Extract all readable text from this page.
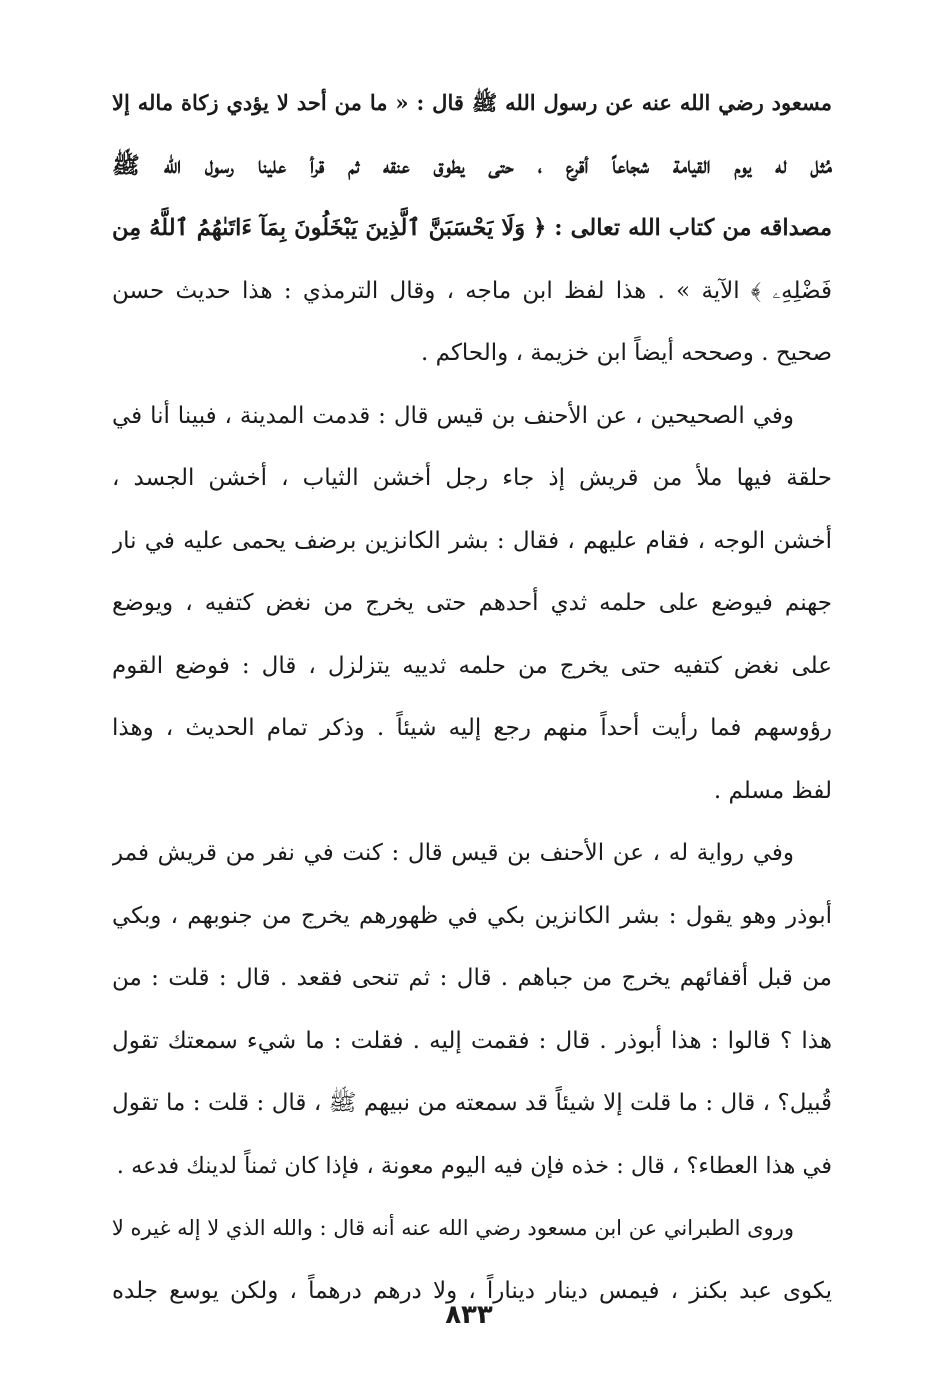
مسعود رضي الله عنه عن رسول الله ﷺ قال : « ما من أحد لا يؤدي زكاة ماله إلا
مُثل له يوم القيامة شجاعاً أقرع ، حتى يطوق عنقه ثم قرأ علينا رسول الله ﷺ
مصداقه من كتاب الله تعالى : ﴿ وَلَا يَحْسَبَنَّ ٱلَّذِينَ يَبْخَلُونَ بِمَآ ءَاتَىٰهُمُ ٱللَّهُ مِن
فَضْلِهِۦ ﴾ الآية » . هذا لفظ ابن ماجه ، وقال الترمذي : هذا حديث حسن
صحيح . وصححه أيضاً ابن خزيمة ، والحاكم .
وفي الصحيحين ، عن الأحنف بن قيس قال : قدمت المدينة ، فبينا أنا في
حلقة فيها ملأ من قريش إذ جاء رجل أخشن الثياب ، أخشن الجسد ،
أخشن الوجه ، فقام عليهم ، فقال : بشر الكانزين برضف يحمى عليه في نار
جهنم فيوضع على حلمه ثدي أحدهم حتى يخرج من نغض كتفيه ، ويوضع
على نغض كتفيه حتى يخرج من حلمه ثدييه يتزلزل ، قال : فوضع القوم
رؤوسهم فما رأيت أحداً منهم رجع إليه شيئاً . وذكر تمام الحديث ، وهذا
لفظ مسلم .
وفي رواية له ، عن الأحنف بن قيس قال : كنت في نفر من قريش فمر
أبوذر وهو يقول : بشر الكانزين بكي في ظهورهم يخرج من جنوبهم ، وبكي
من قبل أقفائهم يخرج من جباهم . قال : ثم تنحى فقعد . قال : قلت : من
هذا ؟ قالوا : هذا أبوذر . قال : فقمت إليه . فقلت : ما شيء سمعتك تقول
قُبيل؟ ، قال : ما قلت إلا شيئاً قد سمعته من نبيهم ﷺ ، قال : قلت : ما تقول
في هذا العطاء؟ ، قال : خذه فإن فيه اليوم معونة ، فإذا كان ثمناً لدينك فدعه .
وروى الطبراني عن ابن مسعود رضي الله عنه أنه قال : والله الذي لا إله غيره لا
يكوى عبد بكنز ، فيمس دينار ديناراً ، ولا درهم درهماً ، ولكن يوسع جلده
٨٣٣
